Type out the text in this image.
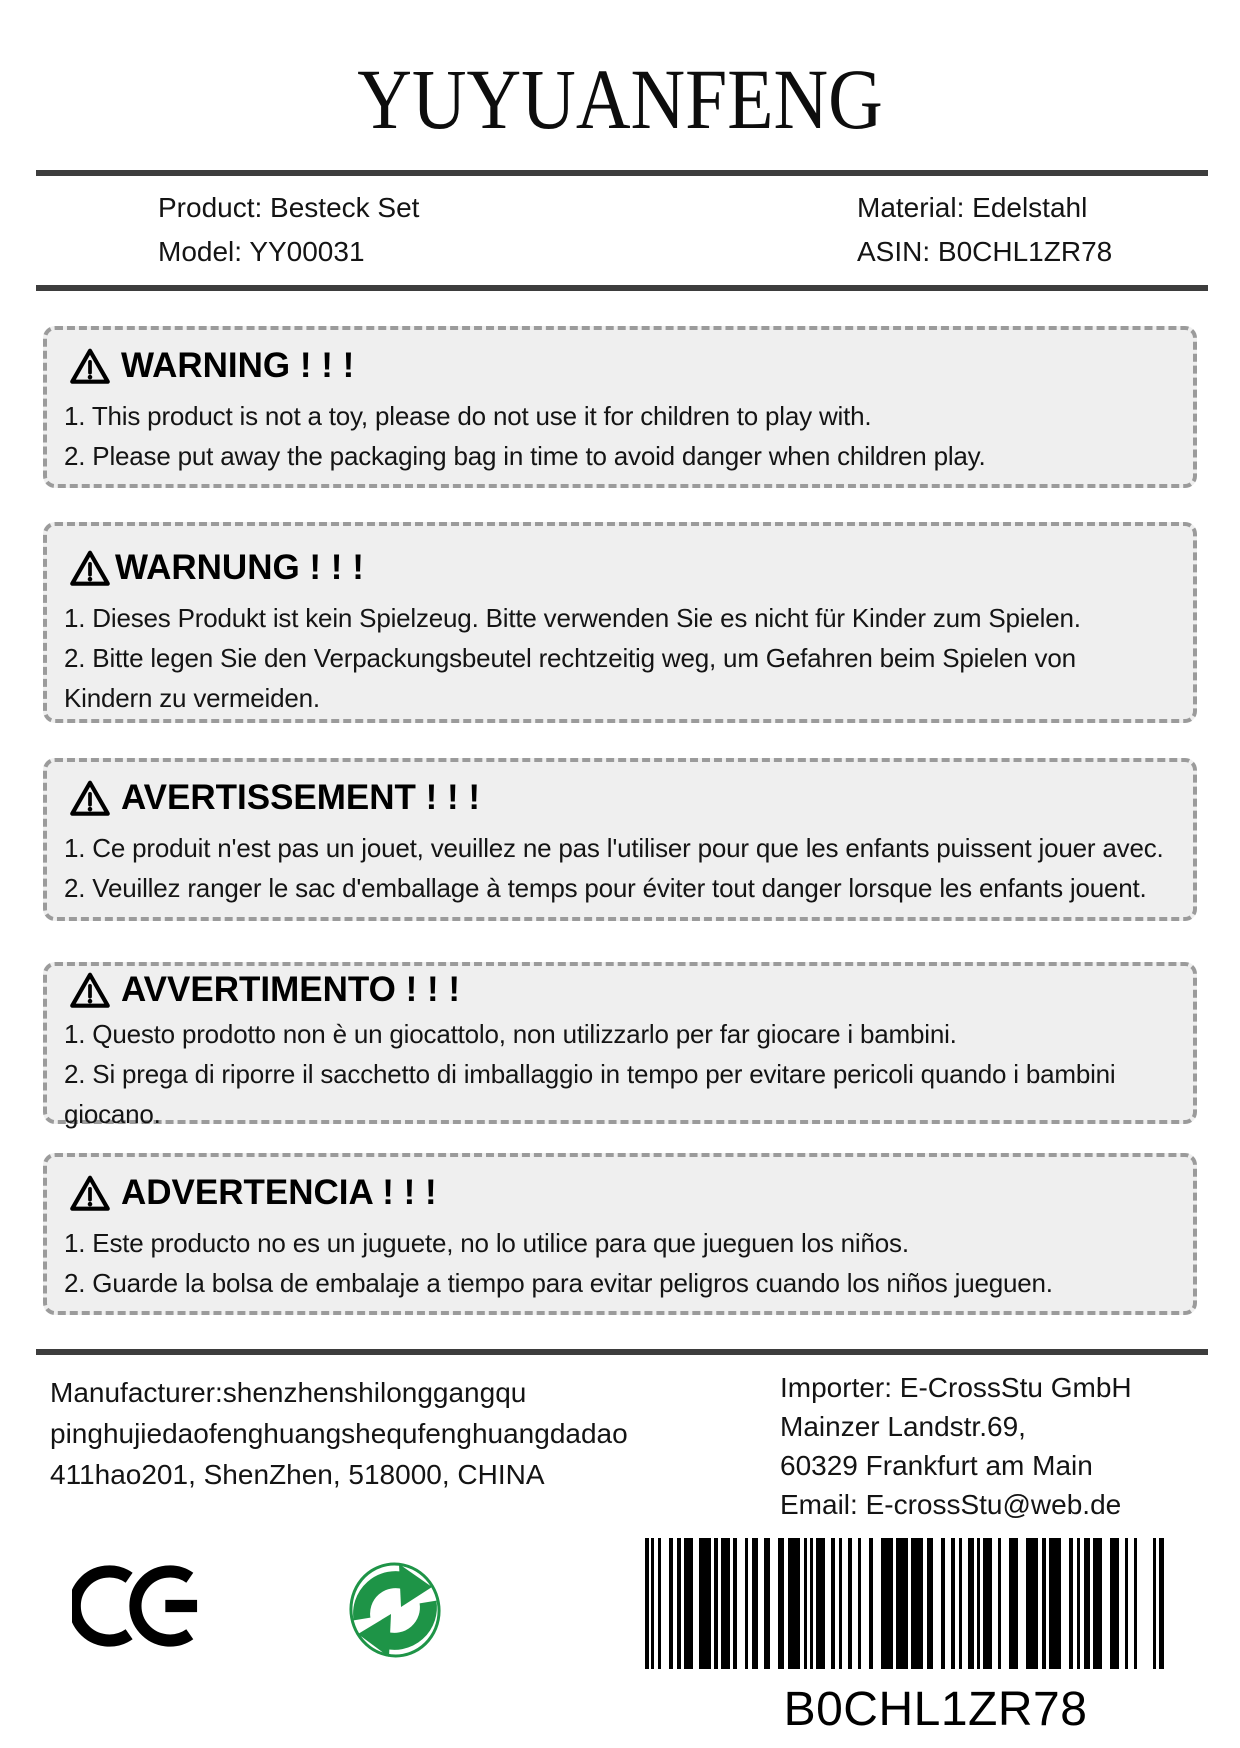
YUYUANFENG
Product: Besteck Set
Model: YY00031
Material: Edelstahl
ASIN: B0CHL1ZR78
WARNING ! ! !
1. This product is not a toy, please do not use it for children to play with.
2. Please put away the packaging bag in time to avoid danger when children play.
WARNUNG ! ! !
1. Dieses Produkt ist kein Spielzeug. Bitte verwenden Sie es nicht für Kinder zum Spielen.
2. Bitte legen Sie den Verpackungsbeutel rechtzeitig weg, um Gefahren beim Spielen von
Kindern zu vermeiden.
AVERTISSEMENT ! ! !
1. Ce produit n'est pas un jouet, veuillez ne pas l'utiliser pour que les enfants puissent jouer avec.
2. Veuillez ranger le sac d'emballage à temps pour éviter tout danger lorsque les enfants jouent.
AVVERTIMENTO ! ! !
1. Questo prodotto non è un giocattolo, non utilizzarlo per far giocare i bambini.
2. Si prega di riporre il sacchetto di imballaggio in tempo per evitare pericoli quando i bambini
giocano.
ADVERTENCIA ! ! !
1. Este producto no es un juguete, no lo utilice para que jueguen los niños.
2. Guarde la bolsa de embalaje a tiempo para evitar peligros cuando los niños jueguen.
Manufacturer:shenzhenshilonggangqu
pinghujiedaofenghuangshequfenghuangdadao
411hao201, ShenZhen, 518000, CHINA
Importer: E-CrossStu GmbH
Mainzer Landstr.69,
60329 Frankfurt am Main
Email: E-crossStu@web.de
B0CHL1ZR78
